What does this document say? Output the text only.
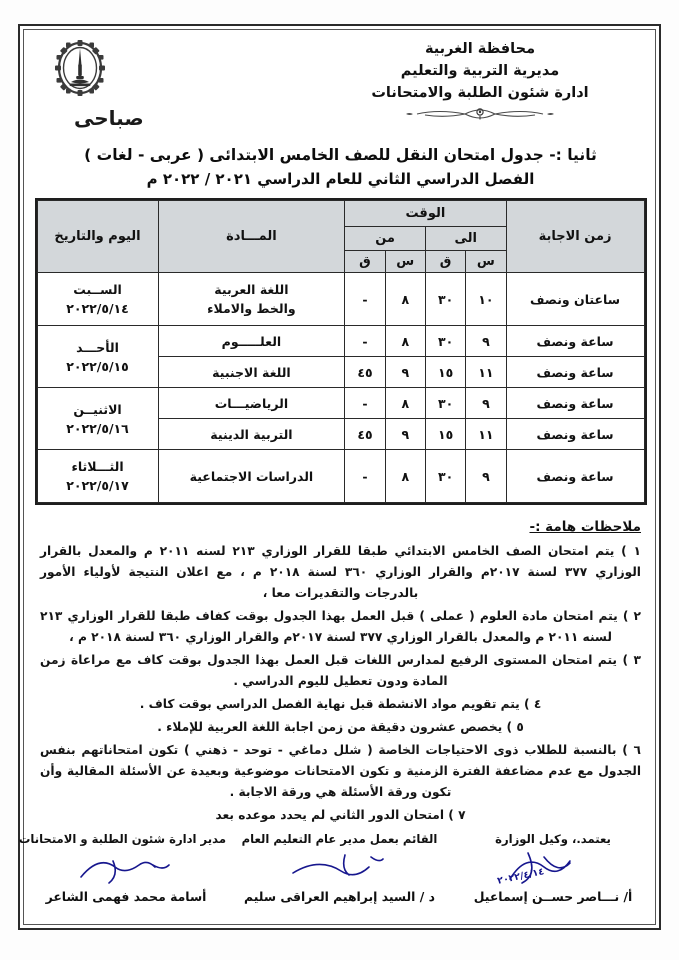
صباحى
محافظة الغربية
مديرية التربية والتعليم
ادارة شئون الطلبة والامتحانات
ثانيا :- جدول امتحان النقل للصف الخامس الابتدائى ( عربى - لغات )
الفصل الدراسي الثاني للعام الدراسي ٢٠٢١ / ٢٠٢٢ م
زمن الاجابة	الوقت				المـــادة	اليوم والتاريخ
	الى		من			
	س	ق	س	ق		
ساعتان ونصف	١٠	٣٠	٨	-	اللغة العربية
والخط والاملاء	الســبت
٢٠٢٢/٥/١٤

ساعة ونصف	٩	٣٠	٨	-	العلـــــوم	الأحـــد
٢٠٢٢/٥/١٥

ساعة ونصف	١١	١٥	٩	٤٥	اللغة الاجنبية	

ساعة ونصف	٩	٣٠	٨	-	الرياضيـــات	الاثنيــن
٢٠٢٢/٥/١٦

ساعة ونصف	١١	١٥	٩	٤٥	التربية الدينية	

ساعة ونصف	٩	٣٠	٨	-	الدراسات الاجتماعية	الثـــلاثاء
٢٠٢٢/٥/١٧
ملاحظات هامة :-
١ ) يتم امتحان الصف الخامس الابتدائي طبقا للقرار الوزاري ٢١٣ لسنه ٢٠١١ م والمعدل بالقرار الوزاري ٣٧٧ لسنة ٢٠١٧م والقرار الوزاري ٣٦٠ لسنة ٢٠١٨ م ، مع اعلان النتيجة لأولياء الأمور بالدرجات والتقديرات معا ،
٢ ) يتم امتحان مادة العلوم ( عملى ) قبل العمل بهذا الجدول بوقت كفاف طبقا للقرار الوزاري ٢١٣ لسنه ٢٠١١ م والمعدل بالقرار الوزاري ٣٧٧ لسنة ٢٠١٧م والقرار الوزاري ٣٦٠ لسنة ٢٠١٨ م ،
٣ ) يتم امتحان المستوى الرفيع لمدارس اللغات قبل العمل بهذا الجدول بوقت كاف مع مراعاة زمن المادة ودون تعطيل لليوم الدراسي .
٤ ) يتم تقويم مواد الانشطة قبل نهاية الفصل الدراسي بوقت كاف .
٥ ) يخصص عشرون دقيقة من زمن اجابة اللغة العربية للإملاء .
٦ ) بالنسبة للطلاب ذوى الاحتياجات الخاصة ( شلل دماغي - توحد - ذهني ) تكون امتحاناتهم بنفس الجدول مع عدم مضاعفة الفترة الزمنية و تكون الامتحانات موضوعية وبعيدة عن الأسئلة المقالية وأن تكون ورقة الأسئلة هي ورقة الاجابة .
٧ ) امتحان الدور الثاني لم يحدد موعده بعد
يعتمد.، وكيل الوزارة
٢٠٢٢/٤/١٤
أ/ نـــاصر حســن إسماعيل
القائم بعمل مدير عام التعليم العام
د / السيد إبراهيم العراقى سليم
مدير ادارة شئون الطلبة و الامتحانات
أسامة محمد فهمى الشاعر
